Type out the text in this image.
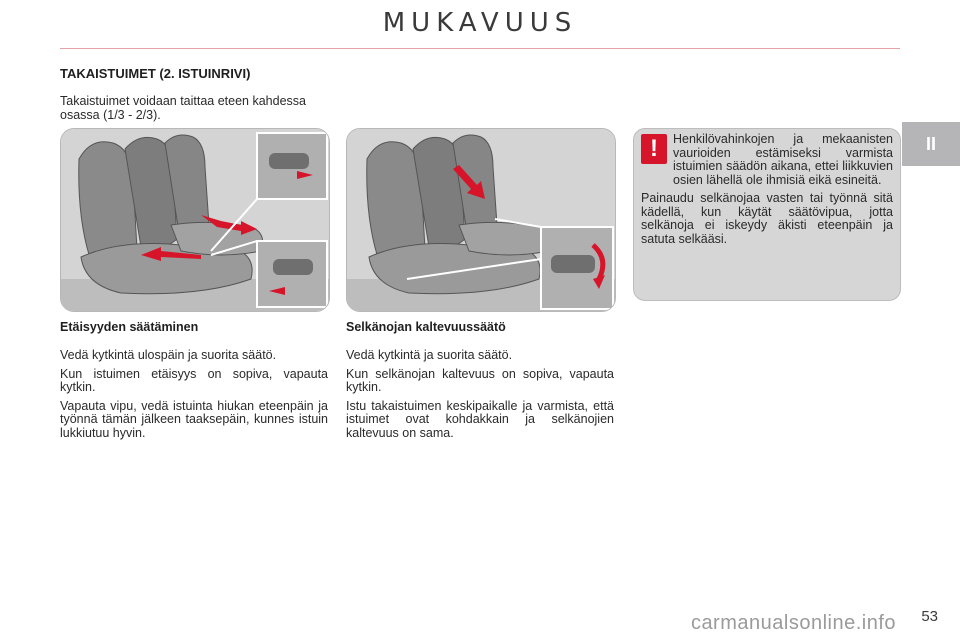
MUKAVUUS
II
TAKAISTUIMET (2. ISTUINRIVI)
Takaistuimet voidaan taittaa eteen kahdessa osassa (1/3 - 2/3).
Etäisyyden säätäminen

Vedä kytkintä ulospäin ja suorita säätö.

Kun istuimen etäisyys on sopiva, vapauta kytkin.

Vapauta vipu, vedä istuinta hiukan eteenpäin ja työnnä tämän jälkeen taaksepäin, kunnes istuin lukkiutuu hyvin.

Selkänojan kaltevuussäätö

Vedä kytkintä ja suorita säätö.

Kun selkänojan kaltevuus on sopiva, vapauta kytkin.

Istu takaistuimen keskipaikalle ja varmista, että istuimet ovat kohdakkain ja selkänojien kaltevuus on sama.

!	Henkilövahinkojen ja mekaanisten vaurioiden estämiseksi varmista istuimien säädön aikana, ettei liikkuvien osien lähellä ole ihmisiä eikä esineitä.

Painaudu selkänojaa vasten tai työnnä sitä kädellä, kun käytät säätövipua, jotta selkänoja ei iskeydy äkisti eteenpäin ja satuta selkääsi.

carmanualsonline.info 53
